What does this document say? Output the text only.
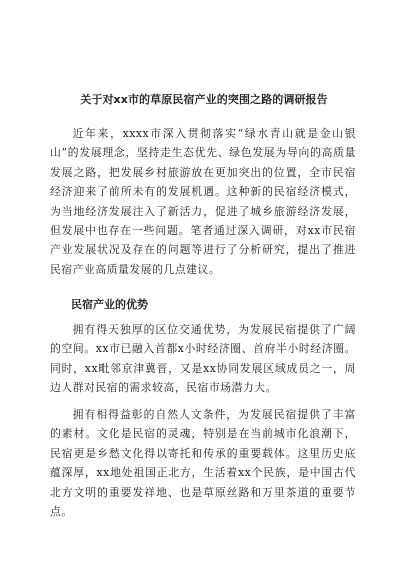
关于对xx市的草原民宿产业的突围之路的调研报告

近年来，xxxx市深入贯彻落实“绿水青山就是金山银山”的发展理念，坚持走生态优先、绿色发展为导向的高质量发展之路，把发展乡村旅游放在更加突出的位置，全市民宿经济迎来了前所未有的发展机遇。这种新的民宿经济模式，为当地经济发展注入了新活力，促进了城乡旅游经济发展，但发展中也存在一些问题。笔者通过深入调研，对xx市民宿产业发展状况及存在的问题等进行了分析研究，提出了推进民宿产业高质量发展的几点建议。

民宿产业的优势

拥有得天独厚的区位交通优势，为发展民宿提供了广阔的空间。xx市已融入首都x小时经济圈、首府半小时经济圈。同时，xx毗邻京津冀晋，又是xx协同发展区域成员之一，周边人群对民宿的需求较高，民宿市场潜力大。

拥有相得益彰的自然人文条件，为发展民宿提供了丰富的素材。文化是民宿的灵魂，特别是在当前城市化浪潮下，民宿更是乡愁文化得以寄托和传承的重要载体。这里历史底蕴深厚，xx地处祖国正北方，生活着xx个民族，是中国古代北方文明的重要发祥地、也是草原丝路和万里茶道的重要节点。
